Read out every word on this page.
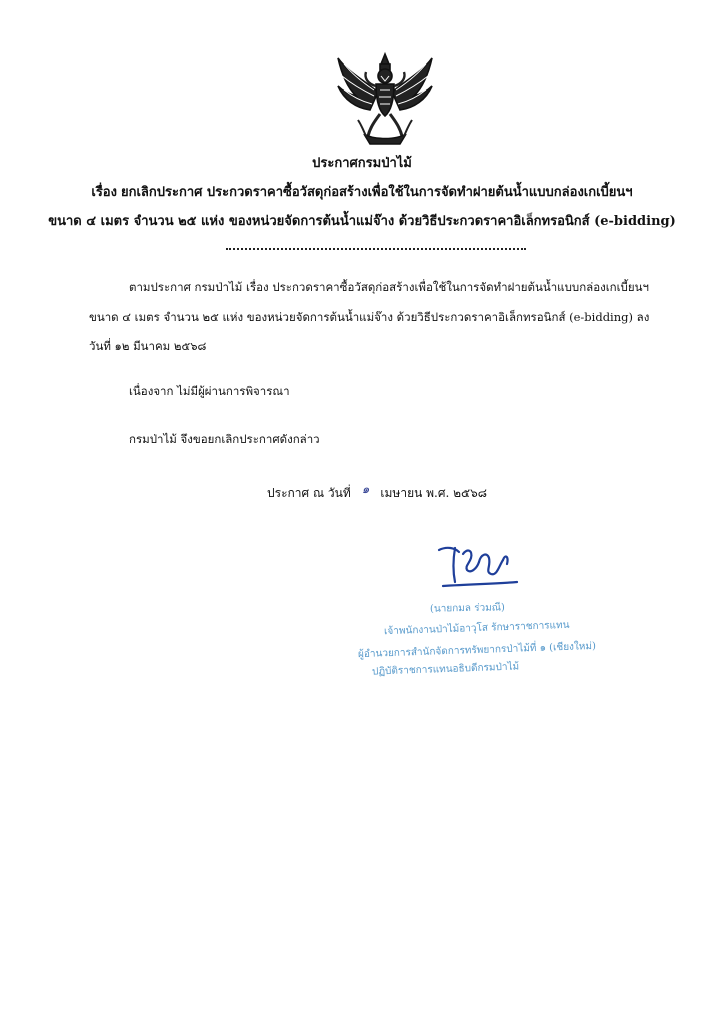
ประกาศกรมป่าไม้
เรื่อง ยกเลิกประกาศ ประกวดราคาซื้อวัสดุก่อสร้างเพื่อใช้ในการจัดทำฝายต้นน้ำแบบกล่องเกเบี้ยนฯ
ขนาด ๔ เมตร จำนวน ๒๕ แห่ง ของหน่วยจัดการต้นน้ำแม่จ๊าง ด้วยวิธีประกวดราคาอิเล็กทรอนิกส์ (e-bidding)
ตามประกาศ กรมป่าไม้ เรื่อง ประกวดราคาซื้อวัสดุก่อสร้างเพื่อใช้ในการจัดทำฝายต้นน้ำแบบกล่องเกเบี้ยนฯ
ขนาด ๔ เมตร จำนวน ๒๕ แห่ง ของหน่วยจัดการต้นน้ำแม่จ๊าง ด้วยวิธีประกวดราคาอิเล็กทรอนิกส์ (e-bidding) ลง
วันที่ ๑๒ มีนาคม ๒๕๖๘
เนื่องจาก ไม่มีผู้ผ่านการพิจารณา
กรมป่าไม้ จึงขอยกเลิกประกาศดังกล่าว
ประกาศ ณ วันที่ ๑ เมษายน พ.ศ. ๒๕๖๘
(นายกมล ร่วมณี)
เจ้าพนักงานป่าไม้อาวุโส รักษาราชการแทน
ผู้อำนวยการสำนักจัดการทรัพยากรป่าไม้ที่ ๑ (เชียงใหม่)
ปฏิบัติราชการแทนอธิบดีกรมป่าไม้
